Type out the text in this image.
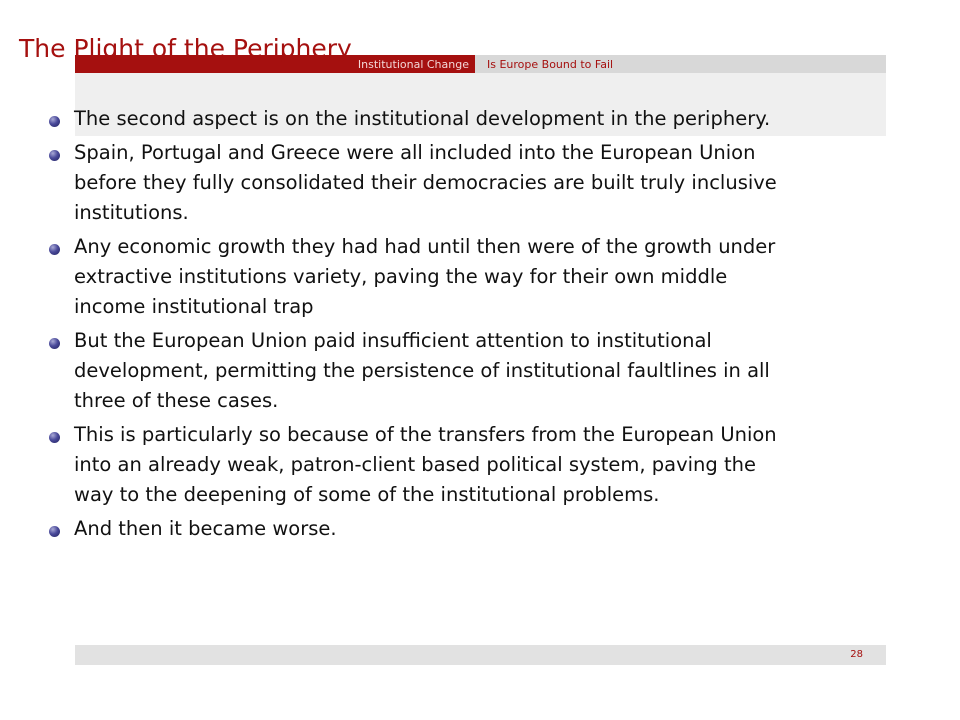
Institutional Change Is Europe Bound to Fail
28
The Plight of the Periphery
The second aspect is on the institutional development in the periphery.
Spain, Portugal and Greece were all included into the European Union before they fully consolidated their democracies are built truly inclusive institutions.
Any economic growth they had had until then were of the growth under extractive institutions variety, paving the way for their own middle income institutional trap
But the European Union paid insufficient attention to institutional development, permitting the persistence of institutional faultlines in all three of these cases.
This is particularly so because of the transfers from the European Union into an already weak, patron-client based political system, paving the way to the deepening of some of the institutional problems.
And then it became worse.
